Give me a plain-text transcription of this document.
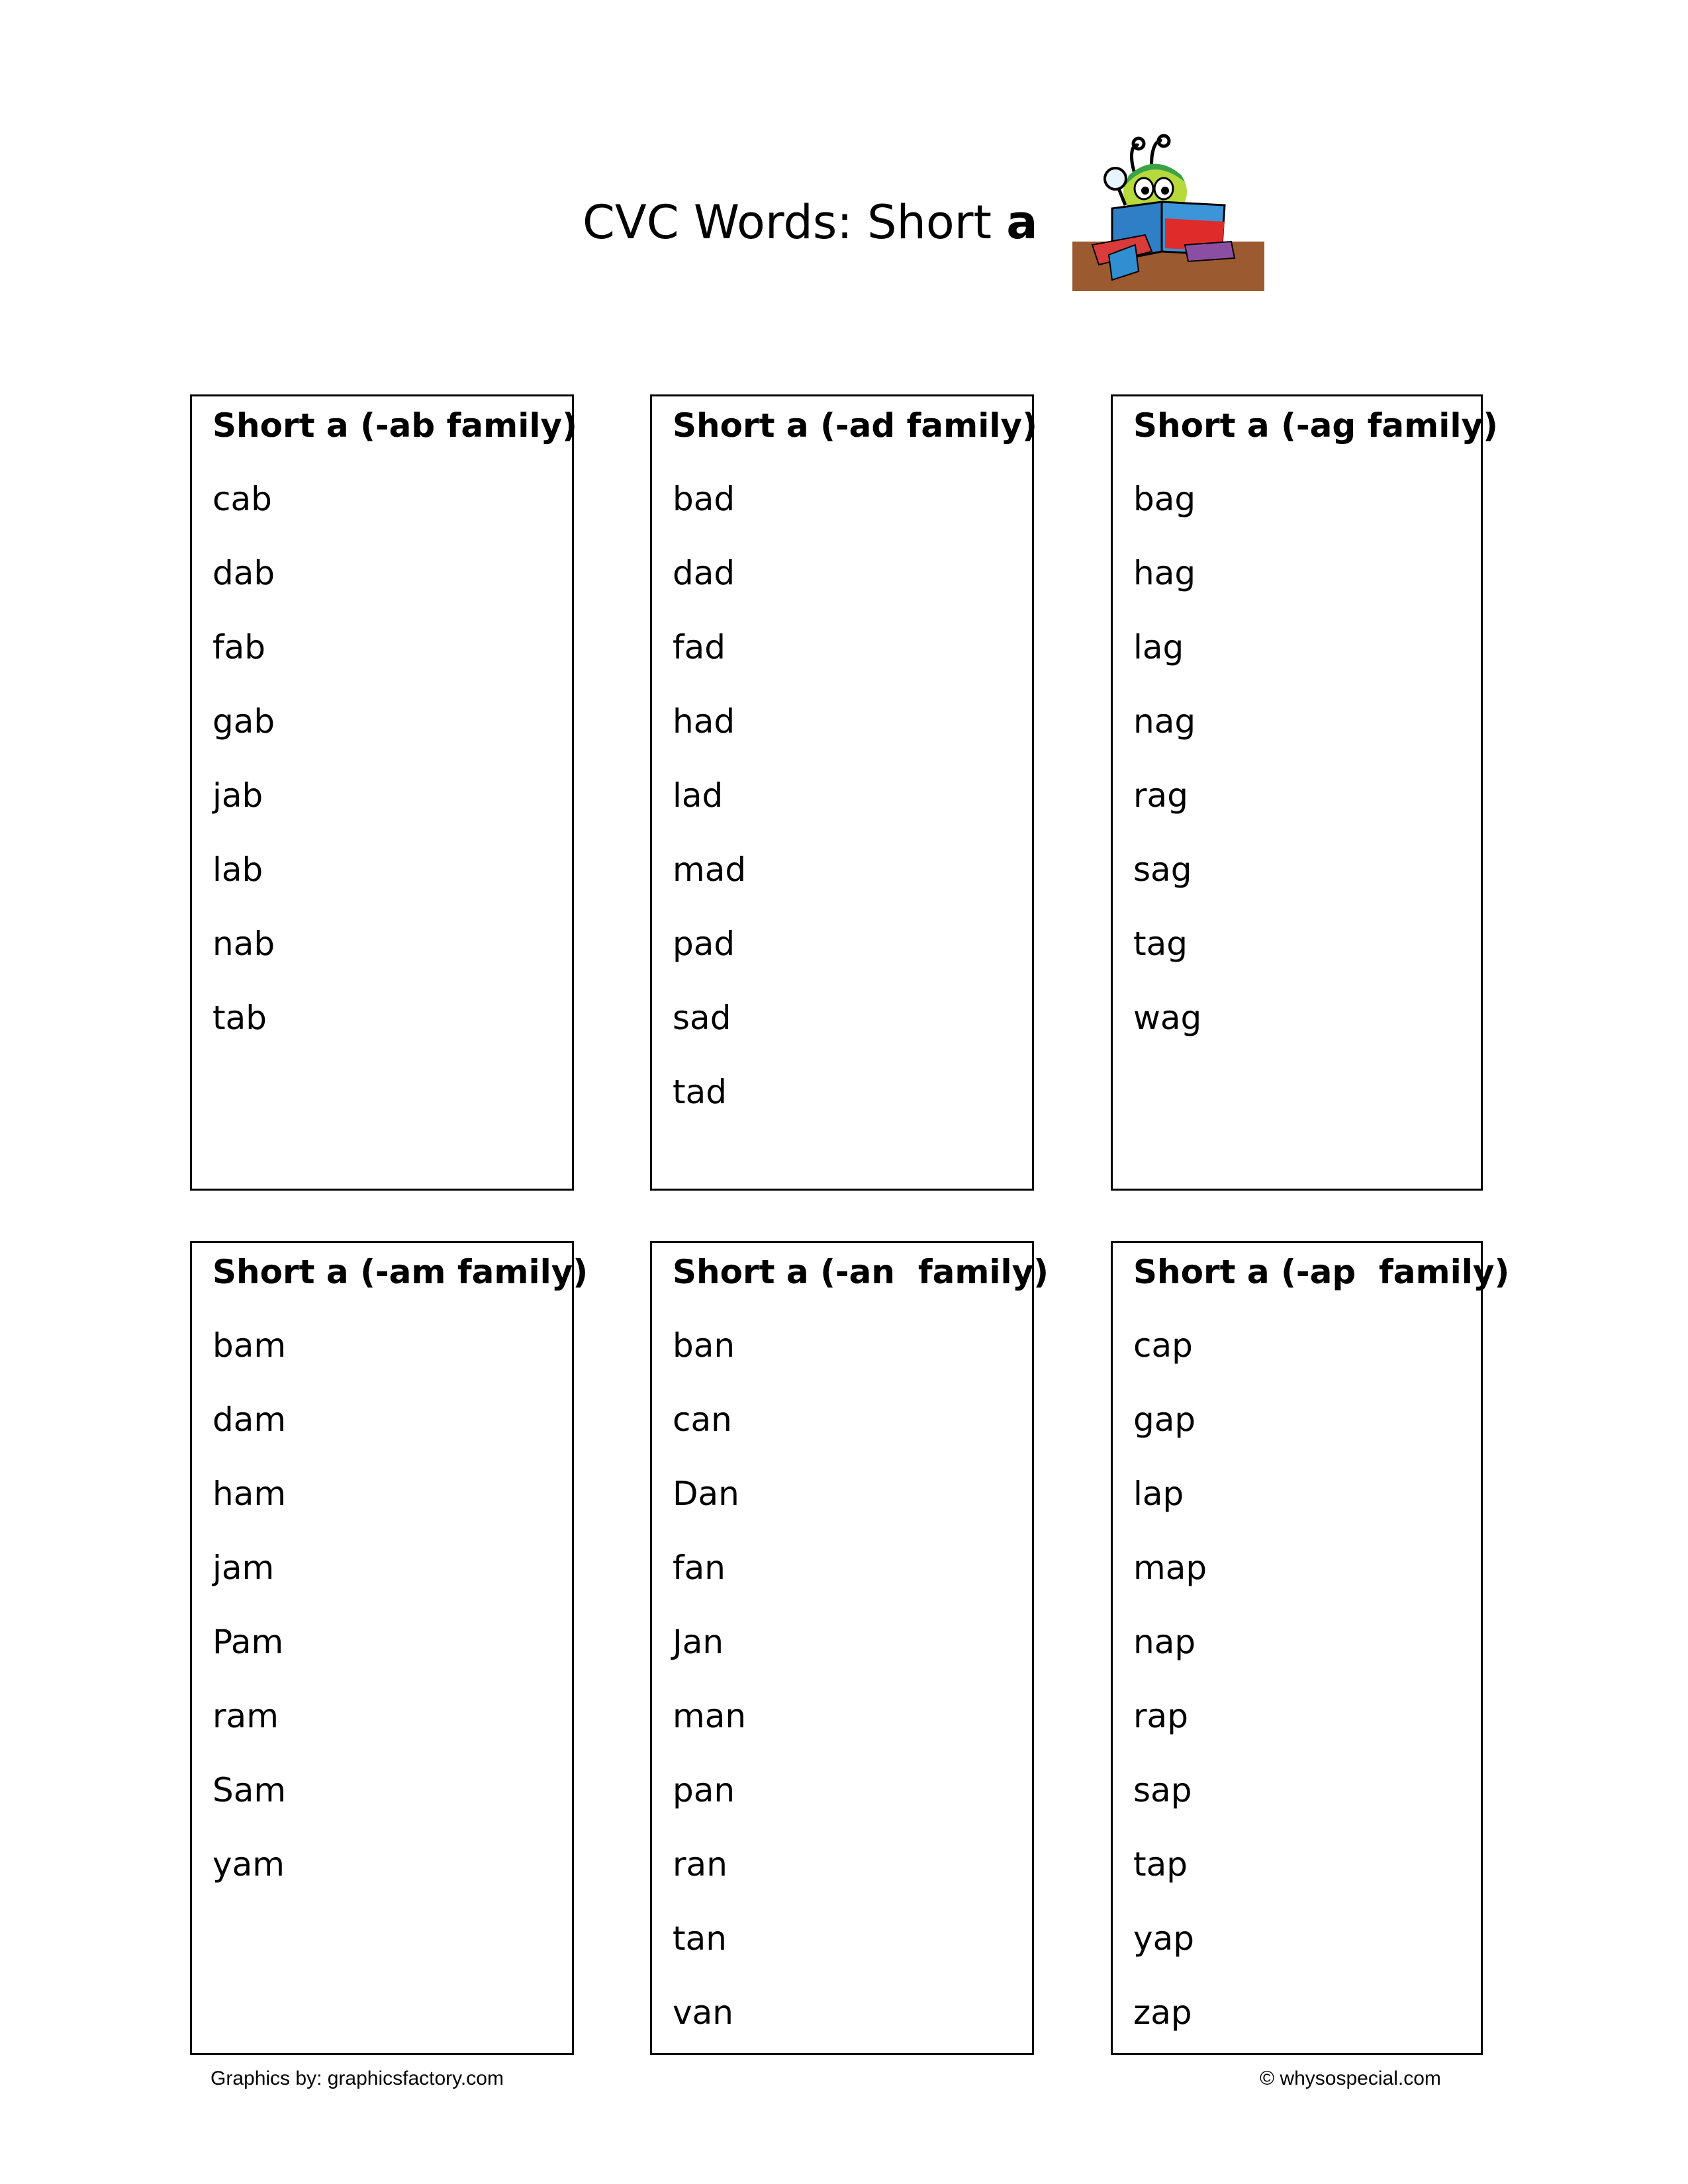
CVC Words: Short a
Short a (-ab family)
cab
dab
fab
gab
jab
lab
nab
tab
Short a (-ad family)
bad
dad
fad
had
lad
mad
pad
sad
tad
Short a (-ag family)
bag
hag
lag
nag
rag
sag
tag
wag
Short a (-am family)
bam
dam
ham
jam
Pam
ram
Sam
yam
Short a (-an  family)
ban
can
Dan
fan
Jan
man
pan
ran
tan
van
Short a (-ap  family)
cap
gap
lap
map
nap
rap
sap
tap
yap
zap
Graphics by: graphicsfactory.com	© whysospecial.com
